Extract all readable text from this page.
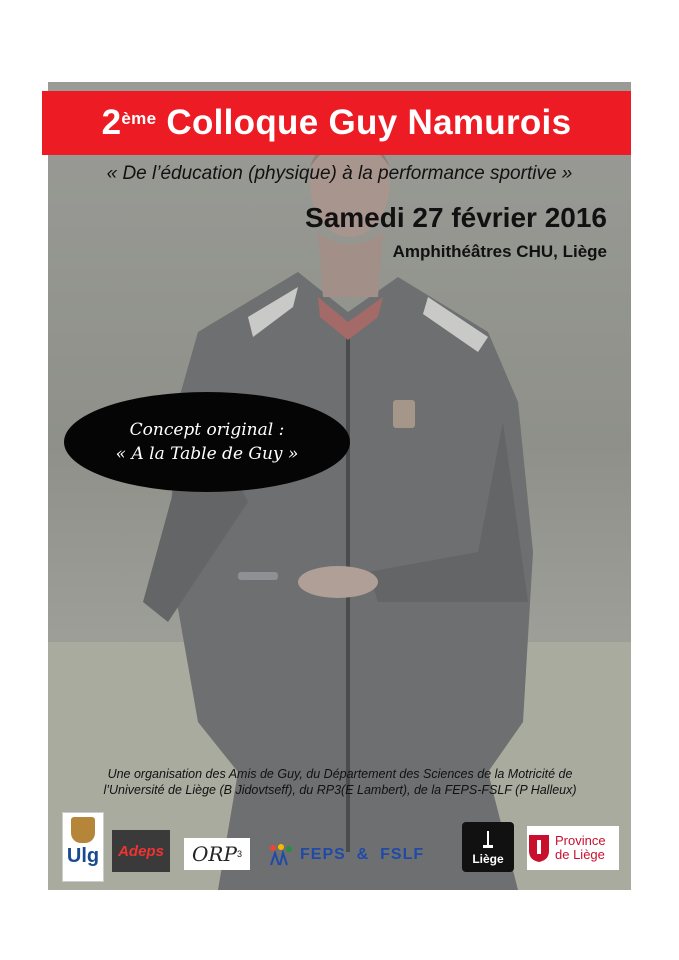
2ème
Colloque Guy Namurois
« De l’éducation (physique) à la performance sportive »
Samedi 27 février 2016
Amphithéâtres CHU, Liège
Concept original :
« A la Table de Guy »
Une organisation des Amis de Guy, du Département des Sciences de la Motricité de
l’Université de Liège (B Jidovtseff), du RP3(E Lambert), de la FEPS-FSLF (P Halleux)
Ulg Adeps ORP 3	FEPS  &  FSLF	Liège
Province
de Liège
